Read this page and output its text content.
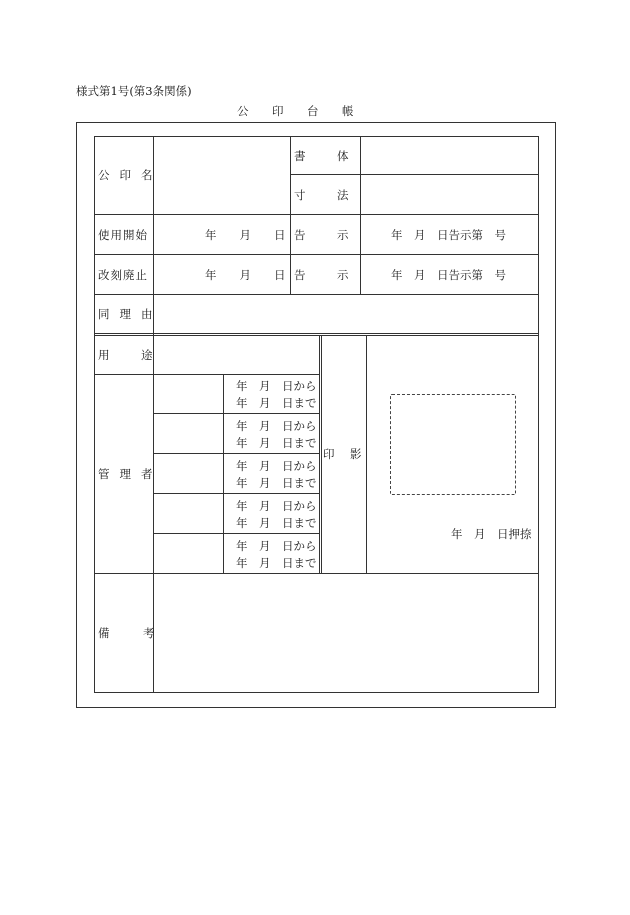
様式第1号(第3条関係)
公　印　台　帳
公印名
使用開始
改刻廃止
同理由
用　途
管理者
備　考
書　体
寸　法
告　示
告　示
印　影
年　　月　　日
年　　月　　日
年　月　日告示第　号
年　月　日告示第　号
年　月　日から
年　月　日まで
年　月　日から
年　月　日まで
年　月　日から
年　月　日まで
年　月　日から
年　月　日まで
年　月　日から
年　月　日まで
年　月　日押捺
